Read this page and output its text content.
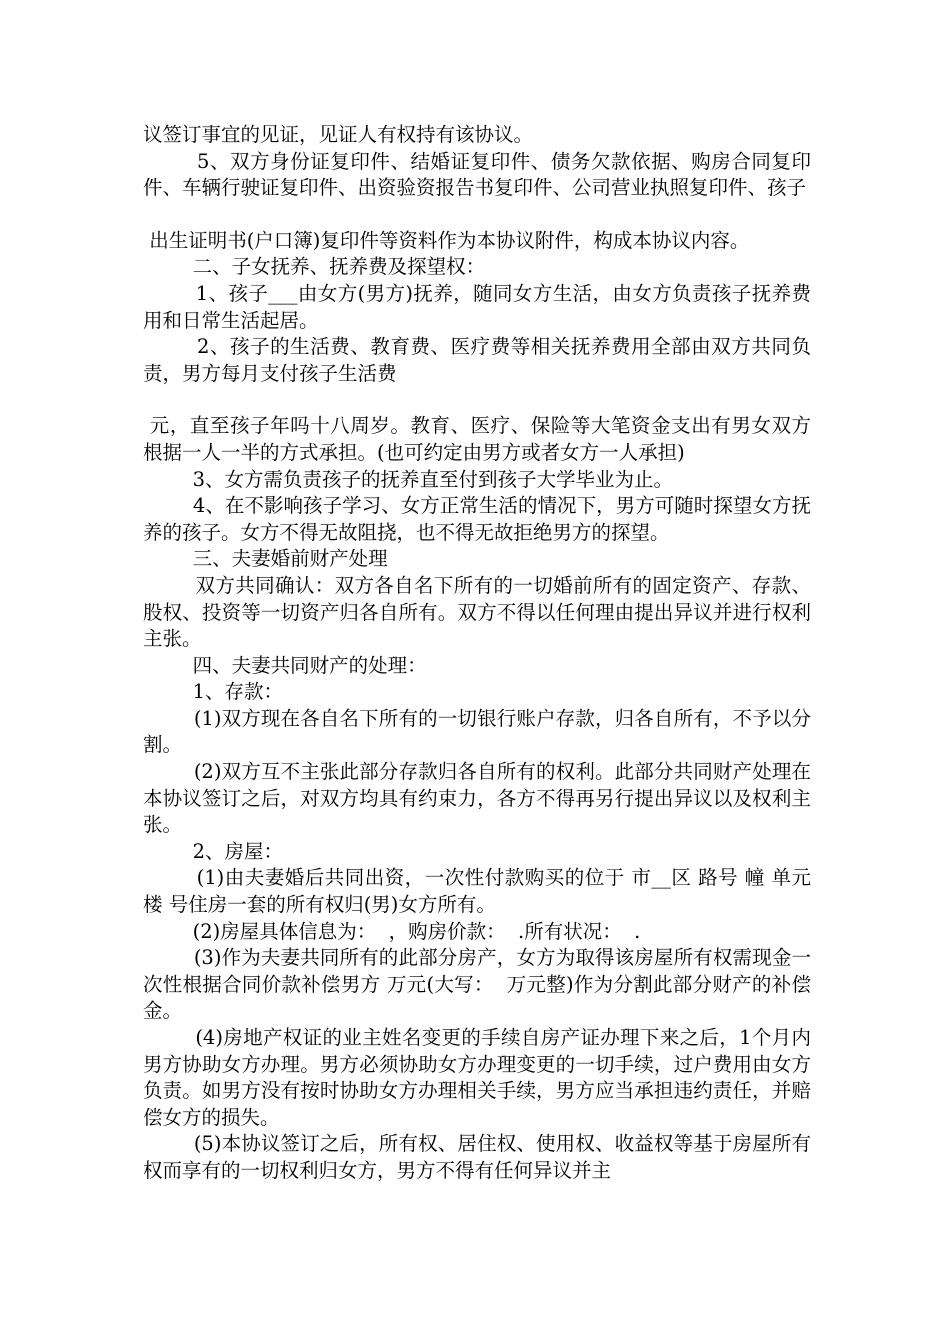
议签订事宜的见证，见证人有权持有该协议。

5、双方身份证复印件、结婚证复印件、债务欠款依据、购房合同复印件、车辆行驶证复印件、出资验资报告书复印件、公司营业执照复印件、孩子

出生证明书(户口簿)复印件等资料作为本协议附件，构成本协议内容。

二、子女抚养、抚养费及探望权：

1、孩子___由女方(男方)抚养，随同女方生活，由女方负责孩子抚养费用和日常生活起居。

2、孩子的生活费、教育费、医疗费等相关抚养费用全部由双方共同负责，男方每月支付孩子生活费

元，直至孩子年吗十八周岁。教育、医疗、保险等大笔资金支出有男女双方根据一人一半的方式承担。(也可约定由男方或者女方一人承担)

3、女方需负责孩子的抚养直至付到孩子大学毕业为止。

4、在不影响孩子学习、女方正常生活的情况下，男方可随时探望女方抚养的孩子。女方不得无故阻挠，也不得无故拒绝男方的探望。

三、夫妻婚前财产处理

双方共同确认：双方各自名下所有的一切婚前所有的固定资产、存款、股权、投资等一切资产归各自所有。双方不得以任何理由提出异议并进行权利主张。

四、夫妻共同财产的处理：

1、存款：

(1)双方现在各自名下所有的一切银行账户存款，归各自所有，不予以分割。

(2)双方互不主张此部分存款归各自所有的权利。此部分共同财产处理在本协议签订之后，对双方均具有约束力，各方不得再另行提出异议以及权利主张。

2、房屋：

(1)由夫妻婚后共同出资，一次性付款购买的位于 市__区 路号 幢 单元 楼 号住房一套的所有权归(男)女方所有。

(2)房屋具体信息为：  ，购房价款：  .所有状况：  .

(3)作为夫妻共同所有的此部分房产，女方为取得该房屋所有权需现金一次性根据合同价款补偿男方 万元(大写：  万元整)作为分割此部分财产的补偿金。

(4)房地产权证的业主姓名变更的手续自房产证办理下来之后，1个月内男方协助女方办理。男方必须协助女方办理变更的一切手续，过户费用由女方负责。如男方没有按时协助女方办理相关手续，男方应当承担违约责任，并赔偿女方的损失。

(5)本协议签订之后，所有权、居住权、使用权、收益权等基于房屋所有权而享有的一切权利归女方，男方不得有任何异议并主
